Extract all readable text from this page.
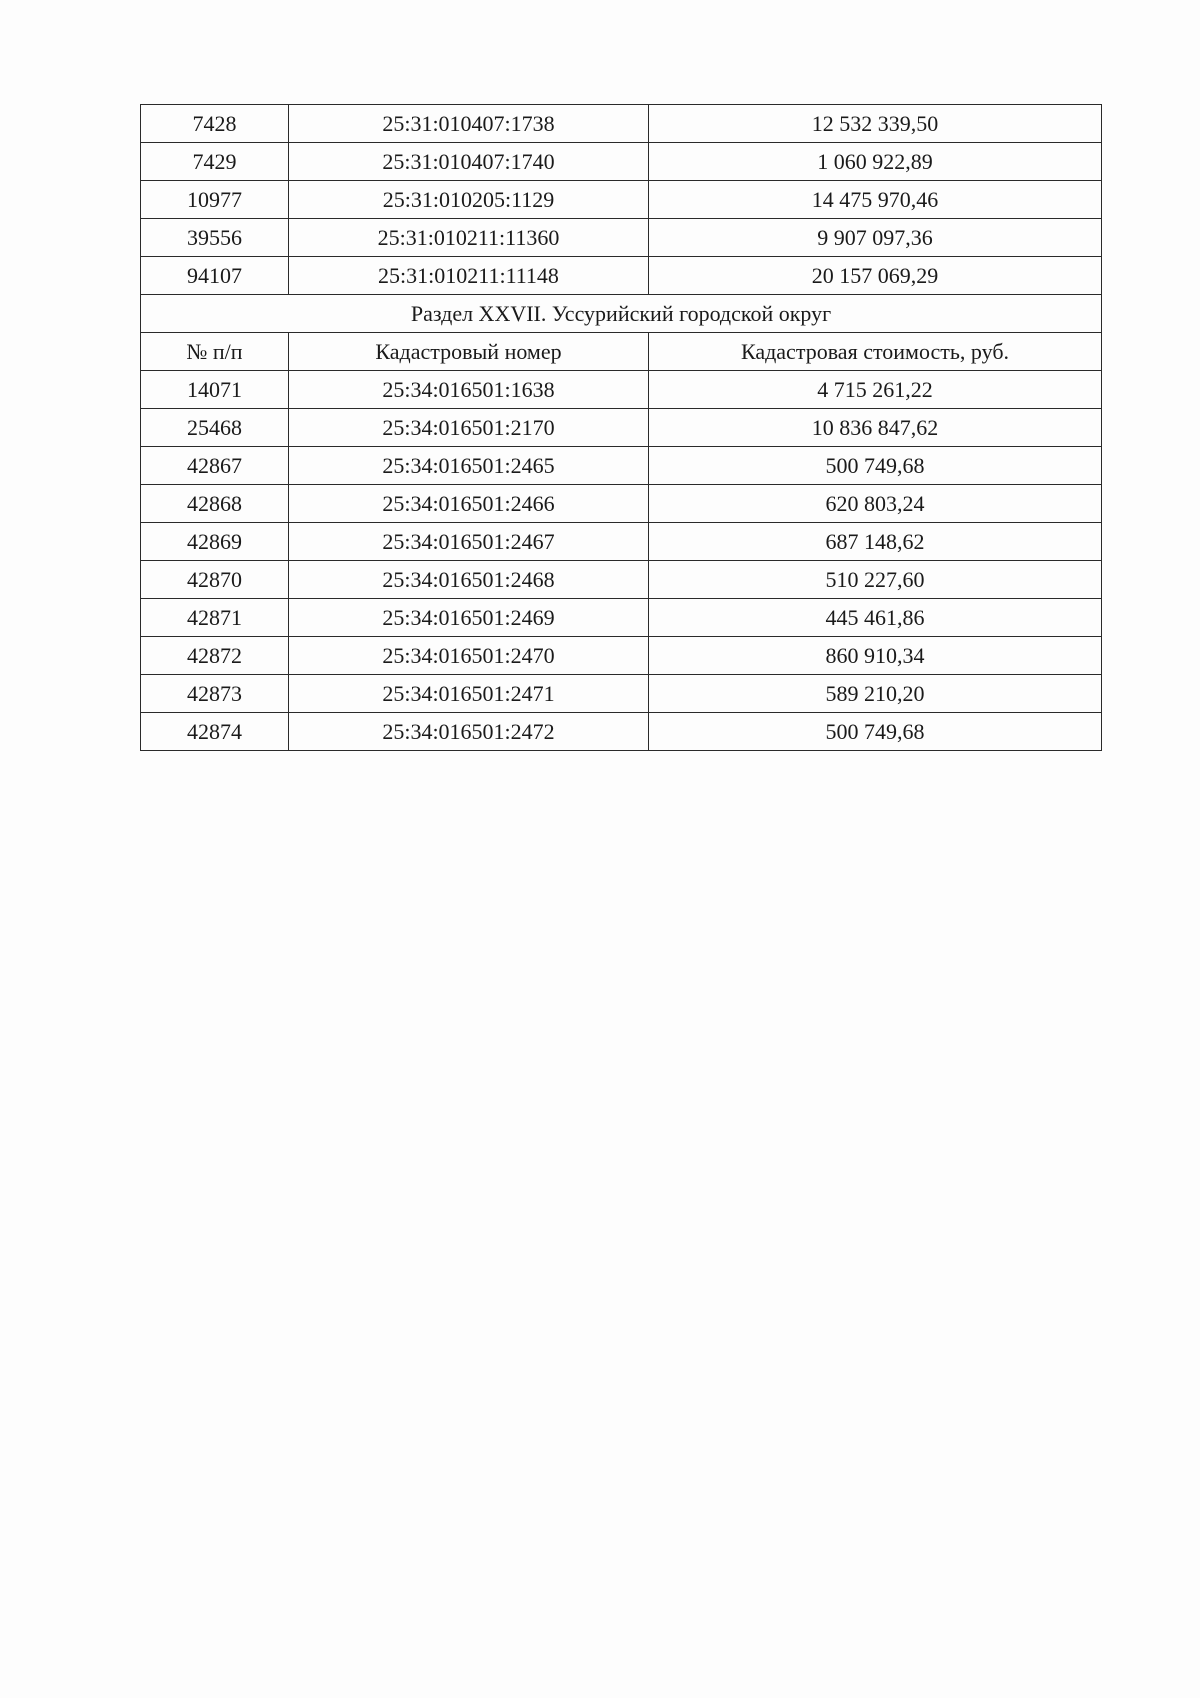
7428	25:31:010407:1738	12 532 339,50
7429	25:31:010407:1740	1 060 922,89
10977	25:31:010205:1129	14 475 970,46
39556	25:31:010211:11360	9 907 097,36
94107	25:31:010211:11148	20 157 069,29
Раздел XXVII. Уссурийский городской округ		
№ п/п	Кадастровый номер	Кадастровая стоимость, руб.
14071	25:34:016501:1638	4 715 261,22
25468	25:34:016501:2170	10 836 847,62
42867	25:34:016501:2465	500 749,68
42868	25:34:016501:2466	620 803,24
42869	25:34:016501:2467	687 148,62
42870	25:34:016501:2468	510 227,60
42871	25:34:016501:2469	445 461,86
42872	25:34:016501:2470	860 910,34
42873	25:34:016501:2471	589 210,20
42874	25:34:016501:2472	500 749,68
